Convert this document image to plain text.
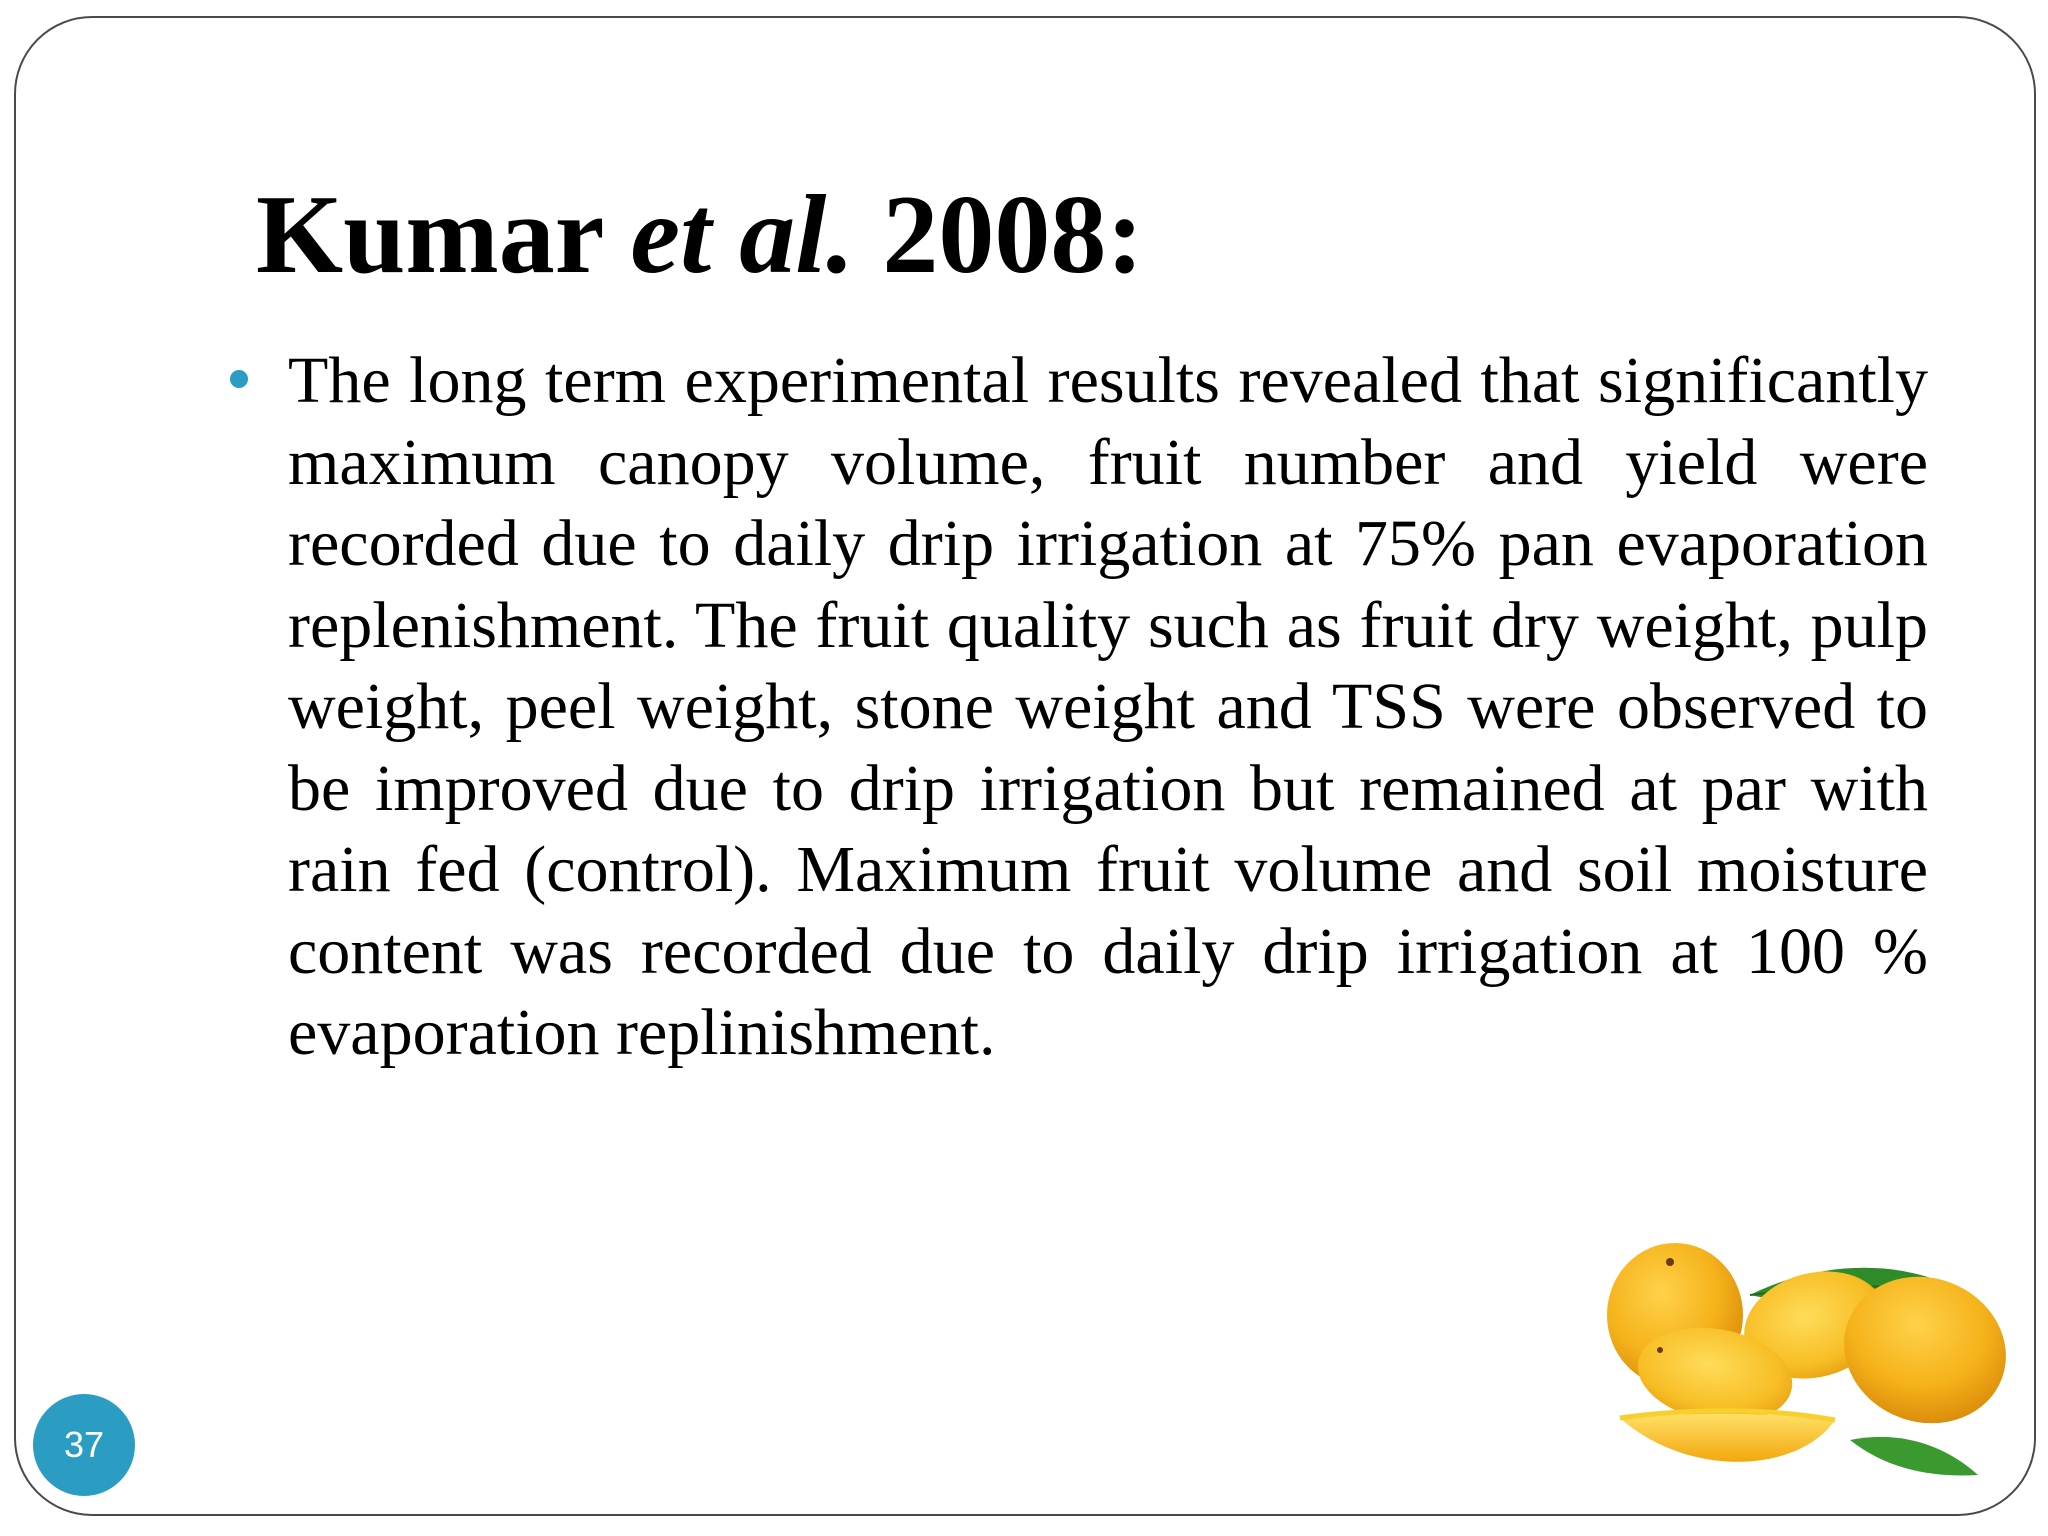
Kumar et al. 2008:
The long term experimental results revealed that significantly maximum canopy volume, fruit number and yield were recorded due to daily drip irrigation at 75% pan evaporation replenishment. The fruit quality such as fruit dry weight, pulp weight, peel weight, stone weight and TSS were observed to be improved due to drip irrigation but remained at par with rain fed (control). Maximum fruit volume and soil moisture content was recorded due to daily drip irrigation at 100 % evaporation replinishment.
37
